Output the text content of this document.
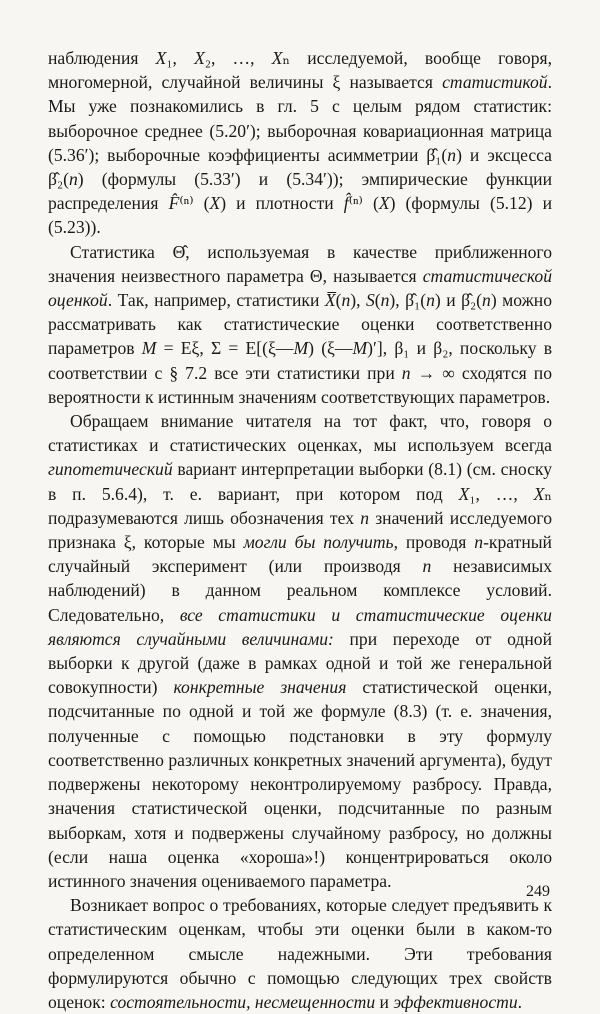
наблюдения X₁, X₂, …, Xₙ исследуемой, вообще говоря, многомерной, случайной величины ξ называется статистикой. Мы уже познакомились в гл. 5 с целым рядом статистик: выборочное среднее (5.20′); выборочная ковариационная матрица (5.36′); выборочные коэффициенты асимметрии β̂₁(n) и эксцесса β̂₂(n) (формулы (5.33′) и (5.34′)); эмпирические функции распределения F̂⁽ⁿ⁾ (X) и плотности f̂⁽ⁿ⁾ (X) (формулы (5.12) и (5.23)).

Статистика Θ̂, используемая в качестве приближенного значения неизвестного параметра Θ, называется статистической оценкой. Так, например, статистики X̅(n), S(n), β̂₁(n) и β̂₂(n) можно рассматривать как статистические оценки соответственно параметров M = Eξ, Σ = E[(ξ—M) (ξ—M)′], β₁ и β₂, поскольку в соответствии с § 7.2 все эти статистики при n → ∞ сходятся по вероятности к истинным значениям соответствующих параметров.

Обращаем внимание читателя на тот факт, что, говоря о статистиках и статистических оценках, мы используем всегда гипотетический вариант интерпретации выборки (8.1) (см. сноску в п. 5.6.4), т. е. вариант, при котором под X₁, …, Xₙ подразумеваются лишь обозначения тех n значений исследуемого признака ξ, которые мы могли бы получить, проводя n-кратный случайный эксперимент (или производя n независимых наблюдений) в данном реальном комплексе условий. Следовательно, все статистики и статистические оценки являются случайными величинами: при переходе от одной выборки к другой (даже в рамках одной и той же генеральной совокупности) конкретные значения статистической оценки, подсчитанные по одной и той же формуле (8.3) (т. е. значения, полученные с помощью подстановки в эту формулу соответственно различных конкретных значений аргумента), будут подвержены некоторому неконтролируемому разбросу. Правда, значения статистической оценки, подсчитанные по разным выборкам, хотя и подвержены случайному разбросу, но должны (если наша оценка «хороша»!) концентрироваться около истинного значения оцениваемого параметра.

Возникает вопрос о требованиях, которые следует предъявить к статистическим оценкам, чтобы эти оценки были в каком-то определенном смысле надежными. Эти требования формулируются обычно с помощью следующих трех свойств оценок: состоятельности, несмещенности и эффективности.

249
